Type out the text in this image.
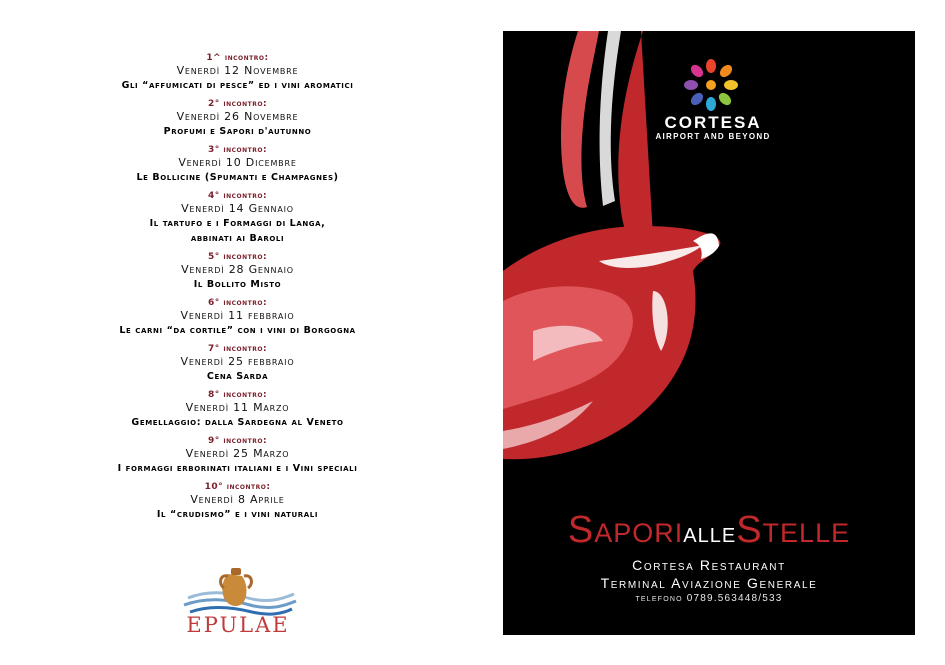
1^ incontro:
Venerdì 12 Novembre
Gli “affumicati di pesce” ed i vini aromatici
2° incontro:
Venerdì 26 Novembre
Profumi e Sapori d'autunno
3° incontro:
Venerdì 10 Dicembre
Le Bollicine (Spumanti e Champagnes)
4° incontro:
Venerdì 14 Gennaio
Il tartufo e i Formaggi di Langa,
abbinati ai Baroli
5° incontro:
Venerdì 28 Gennaio
Il Bollito Misto
6° incontro:
Venerdì 11 febbraio
Le carni “da cortile” con i vini di Borgogna
7° incontro:
Venerdì 25 febbraio
Cena Sarda
8° incontro:
Venerdì 11 Marzo
Gemellaggio: dalla Sardegna al Veneto
9° incontro:
Venerdì 25 Marzo
I formaggi erborinati italiani e i Vini speciali
10° incontro:
Venerdì 8 Aprile
Il “crudismo” e i vini naturali
EPULAE
CORTESA
AIRPORT AND BEYOND
SaporialleStelle
Cortesa Restaurant
Terminal Aviazione Generale
telefono 0789.563448/533
